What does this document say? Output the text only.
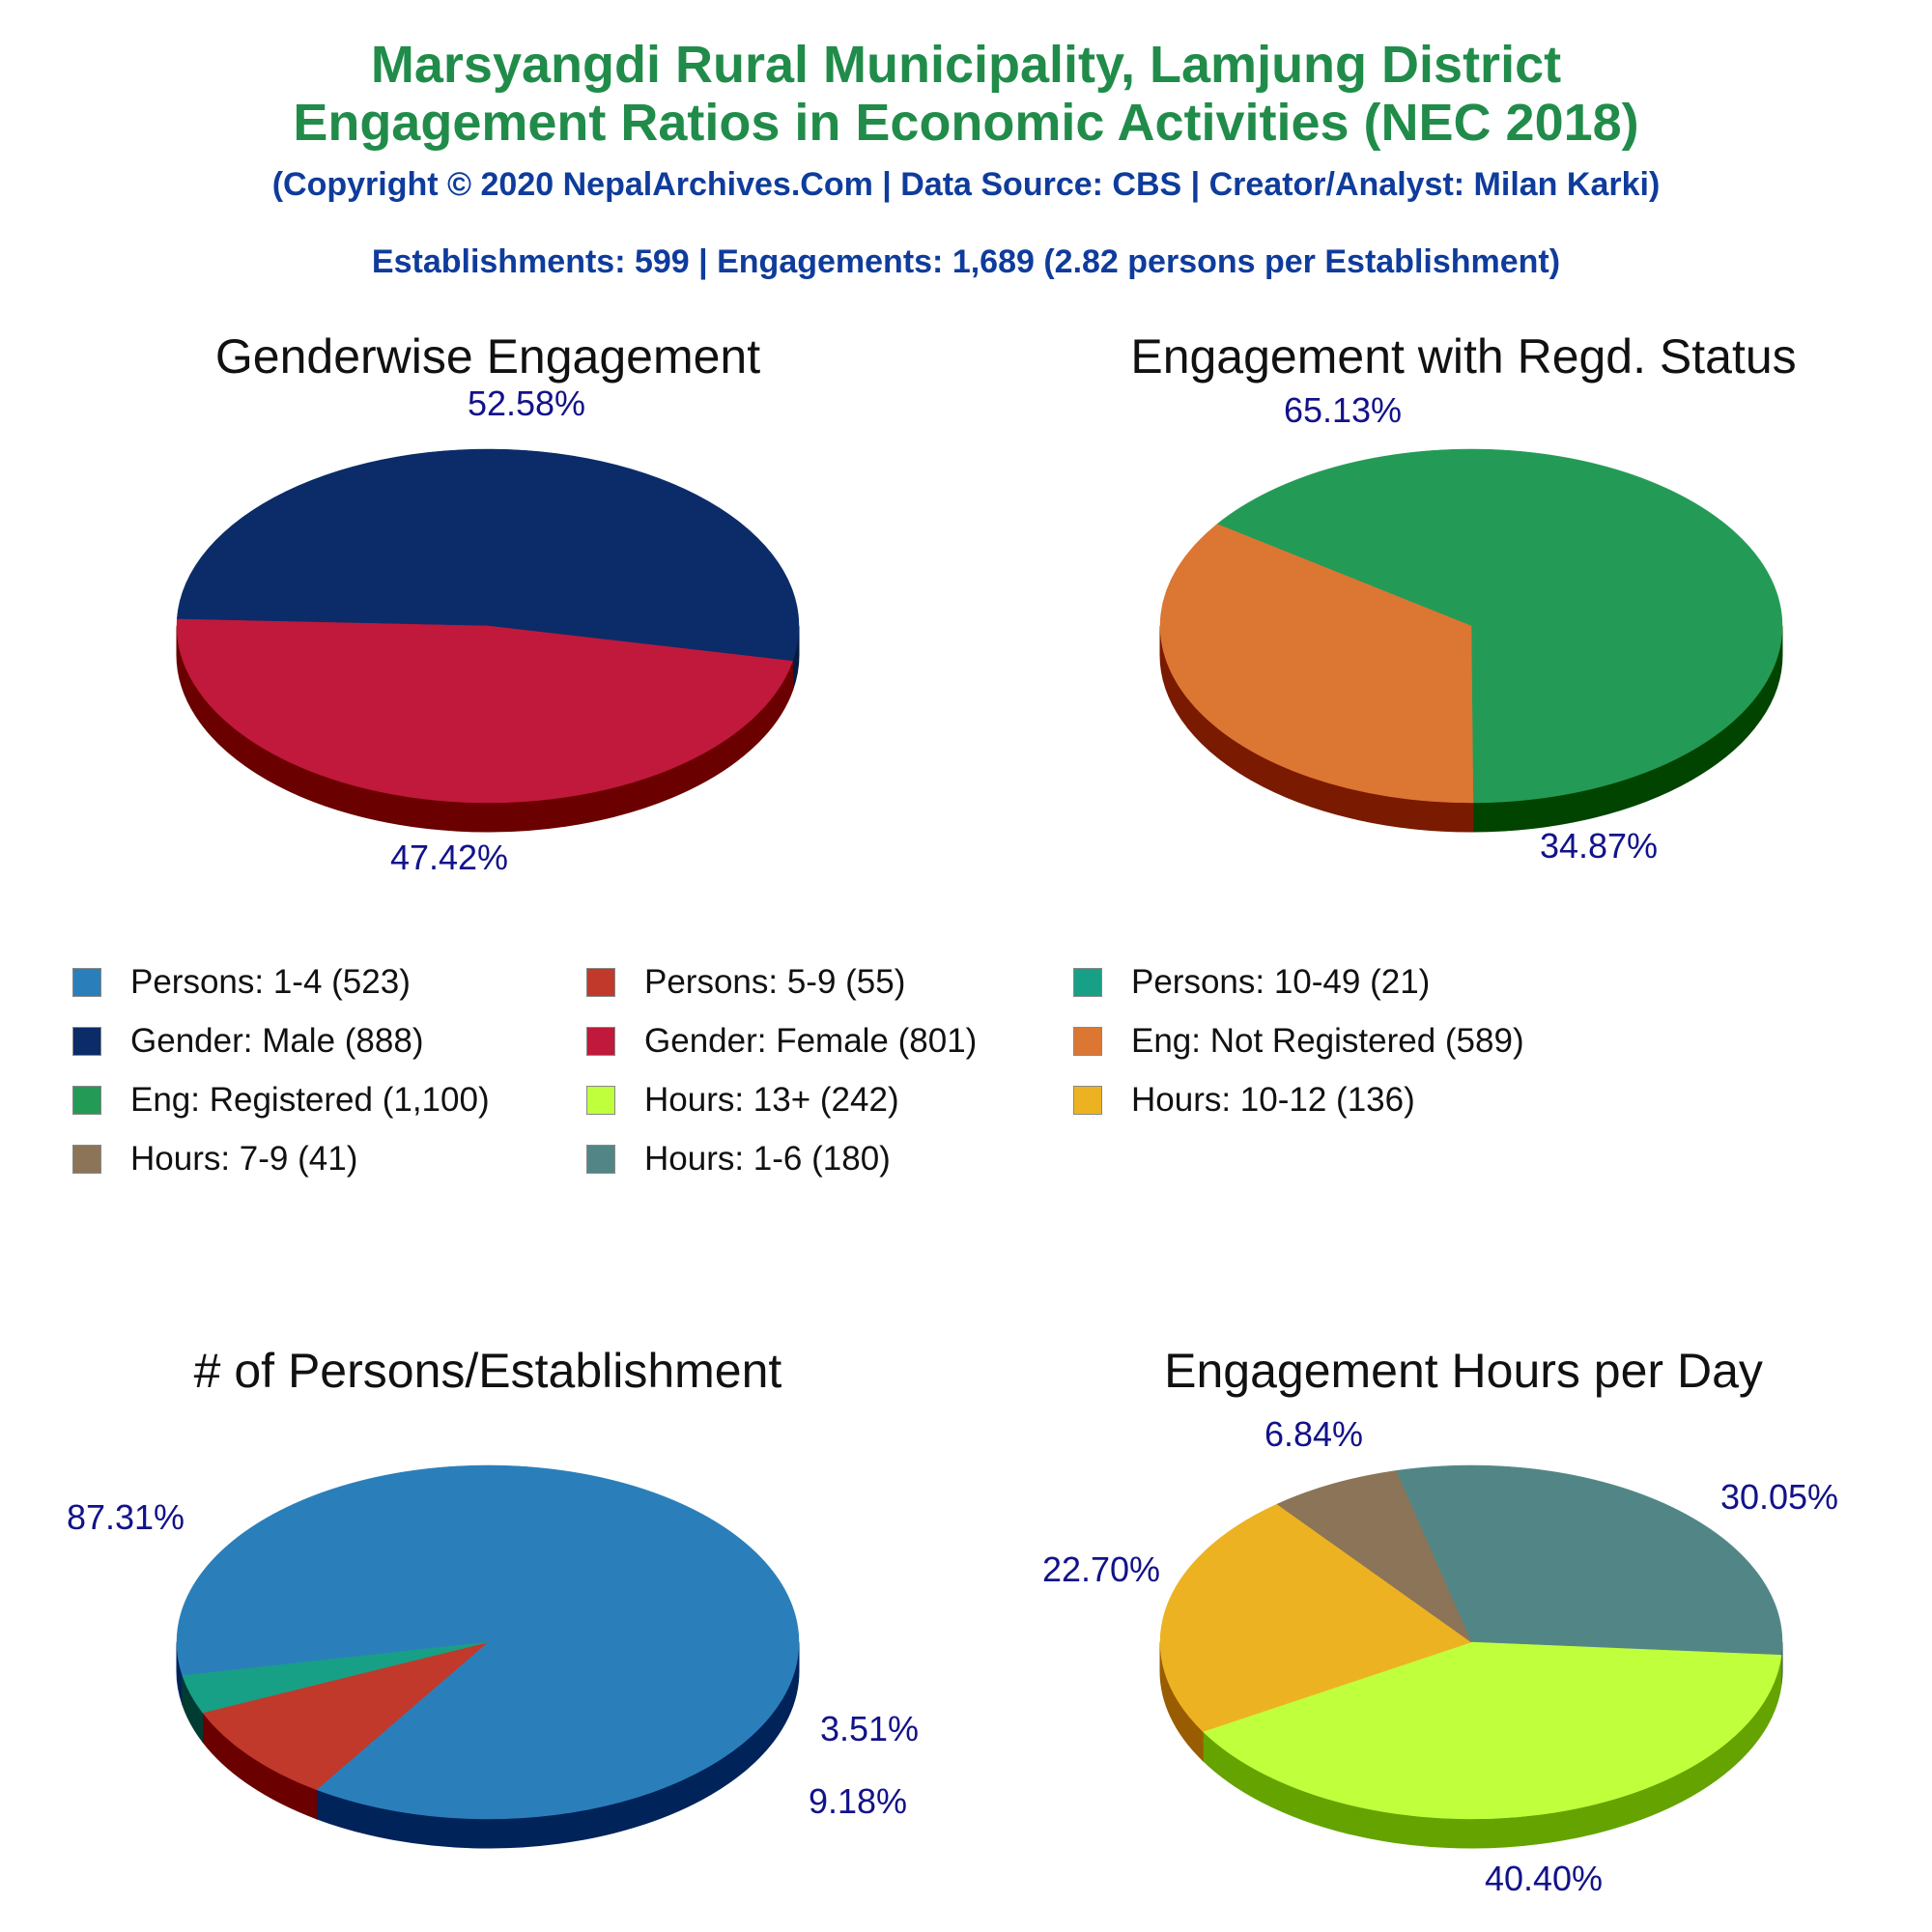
Marsyangdi Rural Municipality, Lamjung District
Engagement Ratios in Economic Activities (NEC 2018)

(Copyright © 2020 NepalArchives.Com | Data Source: CBS | Creator/Analyst: Milan Karki)

Establishments: 599 | Engagements: 1,689 (2.82 persons per Establishment)

Genderwise Engagement	Engagement with Regd. Status
# of Persons/Establishment	Engagement Hours per Day
52.58%
47.42%
65.13%
34.87%
87.31%
9.18%
3.51%
30.05%
40.40%
22.70%
6.84%
Persons: 1-4 (523)	Persons: 5-9 (55)	Persons: 10-49 (21)
Gender: Male (888)	Gender: Female (801)	Eng: Not Registered (589)
Eng: Registered (1,100)	Hours: 13+ (242)	Hours: 10-12 (136)
Hours: 7-9 (41)	Hours: 1-6 (180)
